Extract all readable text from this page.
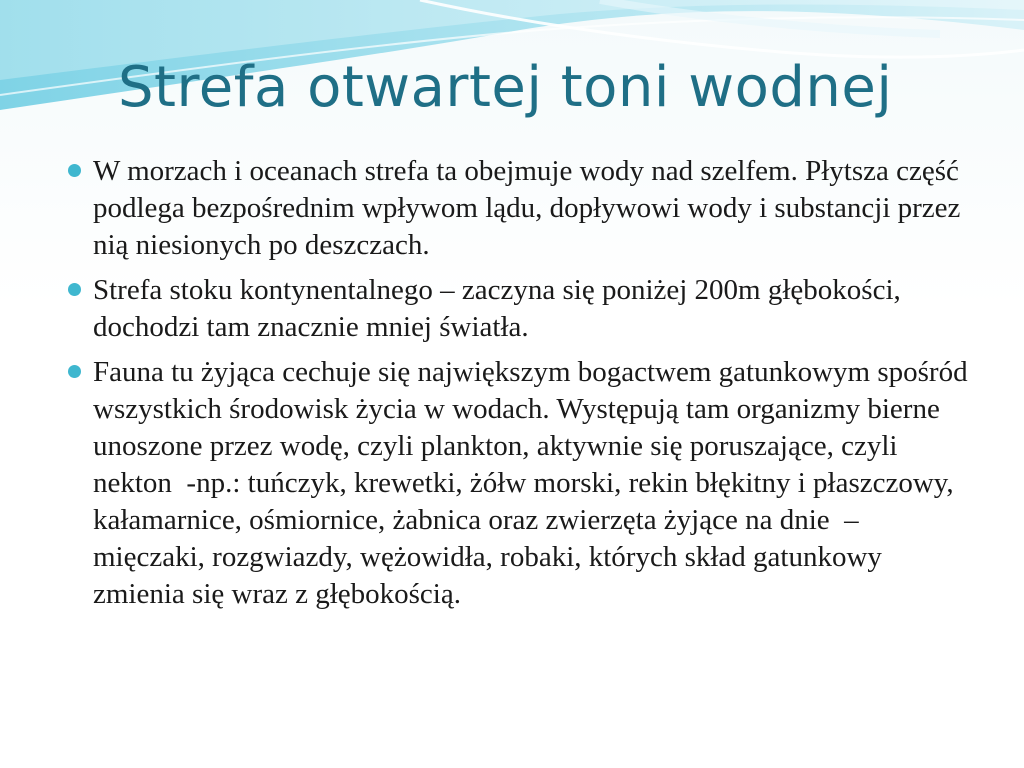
Strefa otwartej toni wodnej
W morzach i oceanach strefa ta obejmuje wody nad szelfem. Płytsza część podlega bezpośrednim wpływom lądu, dopływowi wody i substancji przez nią niesionych po deszczach.
Strefa stoku kontynentalnego – zaczyna się poniżej 200m głębokości, dochodzi tam znacznie mniej światła.
Fauna tu żyjąca cechuje się największym bogactwem gatunkowym spośród wszystkich środowisk życia w wodach. Występują tam organizmy bierne unoszone przez wodę, czyli plankton, aktywnie się poruszające, czyli nekton  -np.: tuńczyk, krewetki, żółw morski, rekin błękitny i płaszczowy, kałamarnice, ośmiornice, żabnica oraz zwierzęta żyjące na dnie  – mięczaki, rozgwiazdy, wężowidła, robaki, których skład gatunkowy zmienia się wraz z głębokością.
